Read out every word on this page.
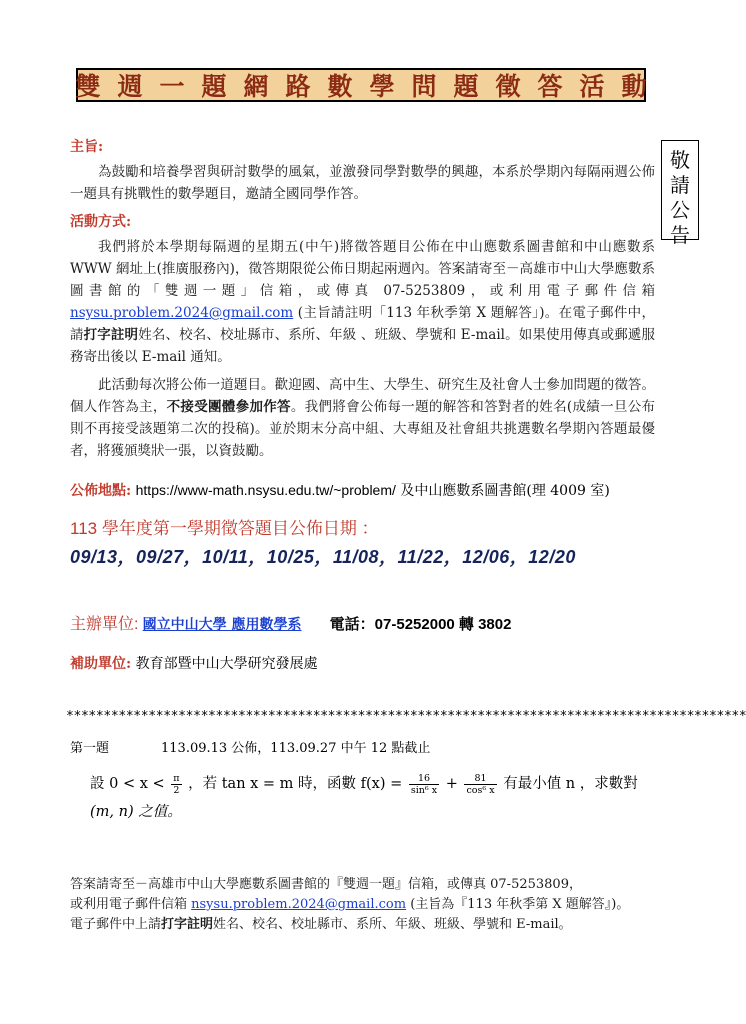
雙週一題網路數學問題徵答活動
敬請公告
主旨:
為鼓勵和培養學習與研討數學的風氣，並激發同學對數學的興趣，本系於學期內每隔兩週公佈一題具有挑戰性的數學題目，邀請全國同學作答。
活動方式:
我們將於本學期每隔週的星期五(中午)將徵答題目公佈在中山應數系圖書館和中山應數系 WWW 網址上(推廣服務內)，徵答期限從公佈日期起兩週內。答案請寄至－高雄市中山大學應數系圖書館的「雙週一題」信箱，或傳真 07-5253809，或利用電子郵件信箱 nsysu.problem.2024@gmail.com (主旨請註明「113 年秋季第 X 題解答」)。在電子郵件中，請打字註明姓名、校名、校址縣市、系所、年級 、班級、學號和 E-mail。如果使用傳真或郵遞服務寄出後以 E-mail 通知。
此活動每次將公佈一道題目。歡迎國、高中生、大學生、研究生及社會人士參加問題的徵答。個人作答為主，不接受團體參加作答。我們將會公佈每一題的解答和答對者的姓名(成績一旦公布則不再接受該題第二次的投稿)。並於期末分高中組、大專組及社會組共挑選數名學期內答題最優者，將獲頒獎狀一張，以資鼓勵。
公佈地點: https://www-math.nsysu.edu.tw/~problem/ 及中山應數系圖書館(理 4009 室)
113 學年度第一學期徵答題目公佈日期 ：
09/13，09/27，10/11，10/25，11/08，11/22，12/06，12/20
主辦單位: 國立中山大學 應用數學系 電話：07-5252000 轉 3802
補助單位: 教育部暨中山大學研究發展處
*******************************************************************************************
第一題	113.09.13 公佈，113.09.27 中午 12 點截止
設 $0 < x < \frac{\pi}{2}$ ，若 tan x = m 時，函數 $f(x) = \frac{16}{\text{sin⁶ x}} + \frac{81}{\text{cos⁶ x}}$ 有最小值 n ，求數對
(m, n) 之值。
答案請寄至－高雄市中山大學應數系圖書館的『雙週一題』信箱，或傳真 07-5253809，
或利用電子郵件信箱 nsysu.problem.2024@gmail.com (主旨為『113 年秋季第 X 題解答』)。
電子郵件中上請打字註明姓名、校名、校址縣市、系所、年級、班級、學號和 E-mail。
